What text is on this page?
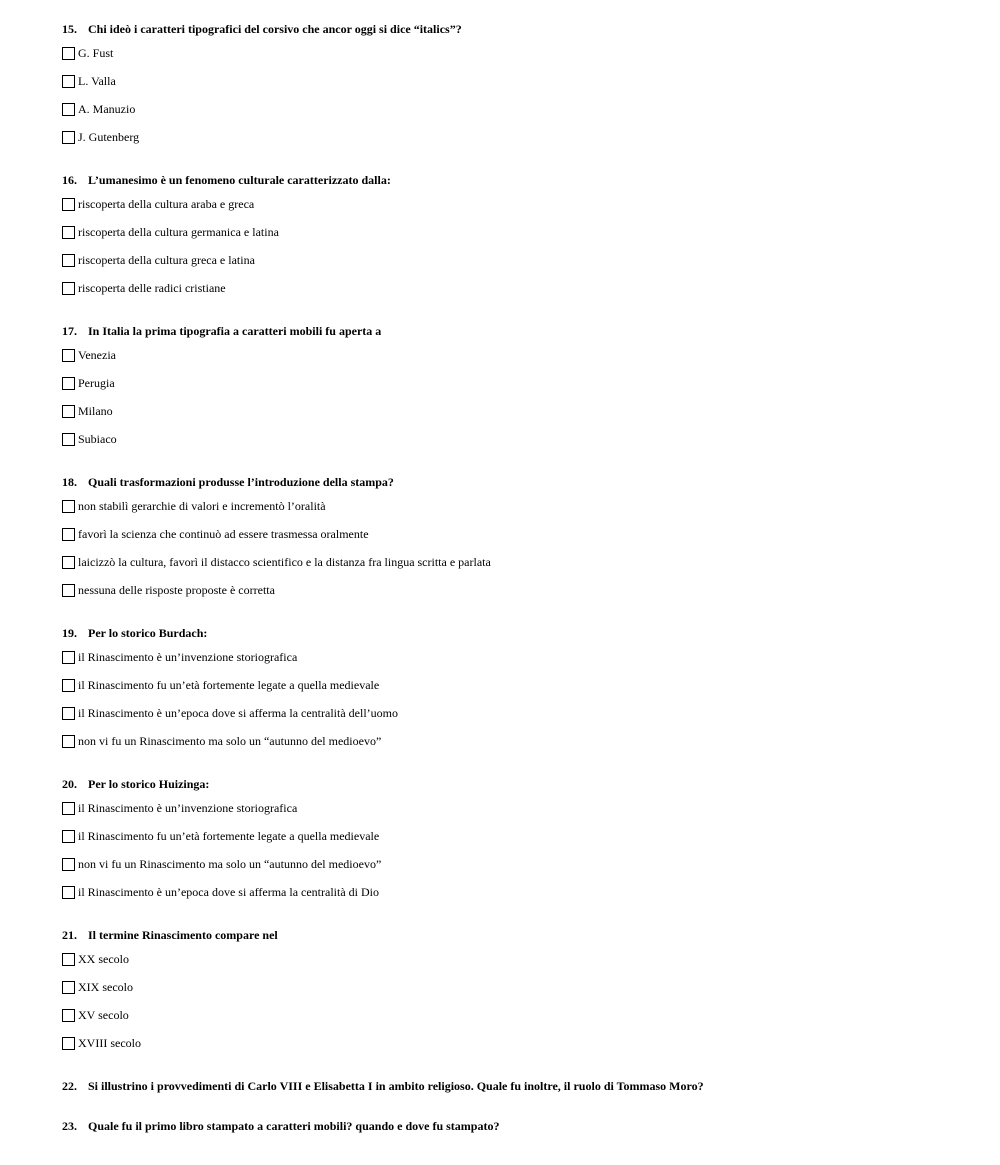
15. Chi ideò i caratteri tipografici del corsivo che ancor oggi si dice “italics”?
G. Fust
L. Valla
A. Manuzio
J. Gutenberg
16. L’umanesimo è un fenomeno culturale caratterizzato dalla:
riscoperta della cultura araba e greca
riscoperta della cultura germanica e latina
riscoperta della cultura greca e latina
riscoperta delle radici cristiane
17. In Italia la prima tipografia a caratteri mobili fu aperta a
Venezia
Perugia
Milano
Subiaco
18. Quali trasformazioni produsse l’introduzione della stampa?
non stabilì gerarchie di valori e incrementò l’oralità
favorì la scienza che continuò ad essere trasmessa oralmente
laicizzò la cultura, favorì il distacco scientifico e la distanza fra lingua scritta e parlata
nessuna delle risposte proposte è corretta
19. Per lo storico Burdach:
il Rinascimento è un’invenzione storiografica
il Rinascimento fu un’età fortemente legate a quella medievale
il Rinascimento è un’epoca dove si afferma la centralità dell’uomo
non vi fu un Rinascimento ma solo un “autunno del medioevo”
20. Per lo storico Huizinga:
il Rinascimento è un’invenzione storiografica
il Rinascimento fu un’età fortemente legate a quella medievale
non vi fu un Rinascimento ma solo un “autunno del medioevo”
il Rinascimento è un’epoca dove si afferma la centralità di Dio
21. Il termine Rinascimento compare nel
XX secolo
XIX secolo
XV secolo
XVIII secolo
22. Si illustrino i provvedimenti di Carlo VIII e Elisabetta I in ambito religioso. Quale fu inoltre, il ruolo di Tommaso Moro?
23. Quale fu il primo libro stampato a caratteri mobili? quando e dove fu stampato?
